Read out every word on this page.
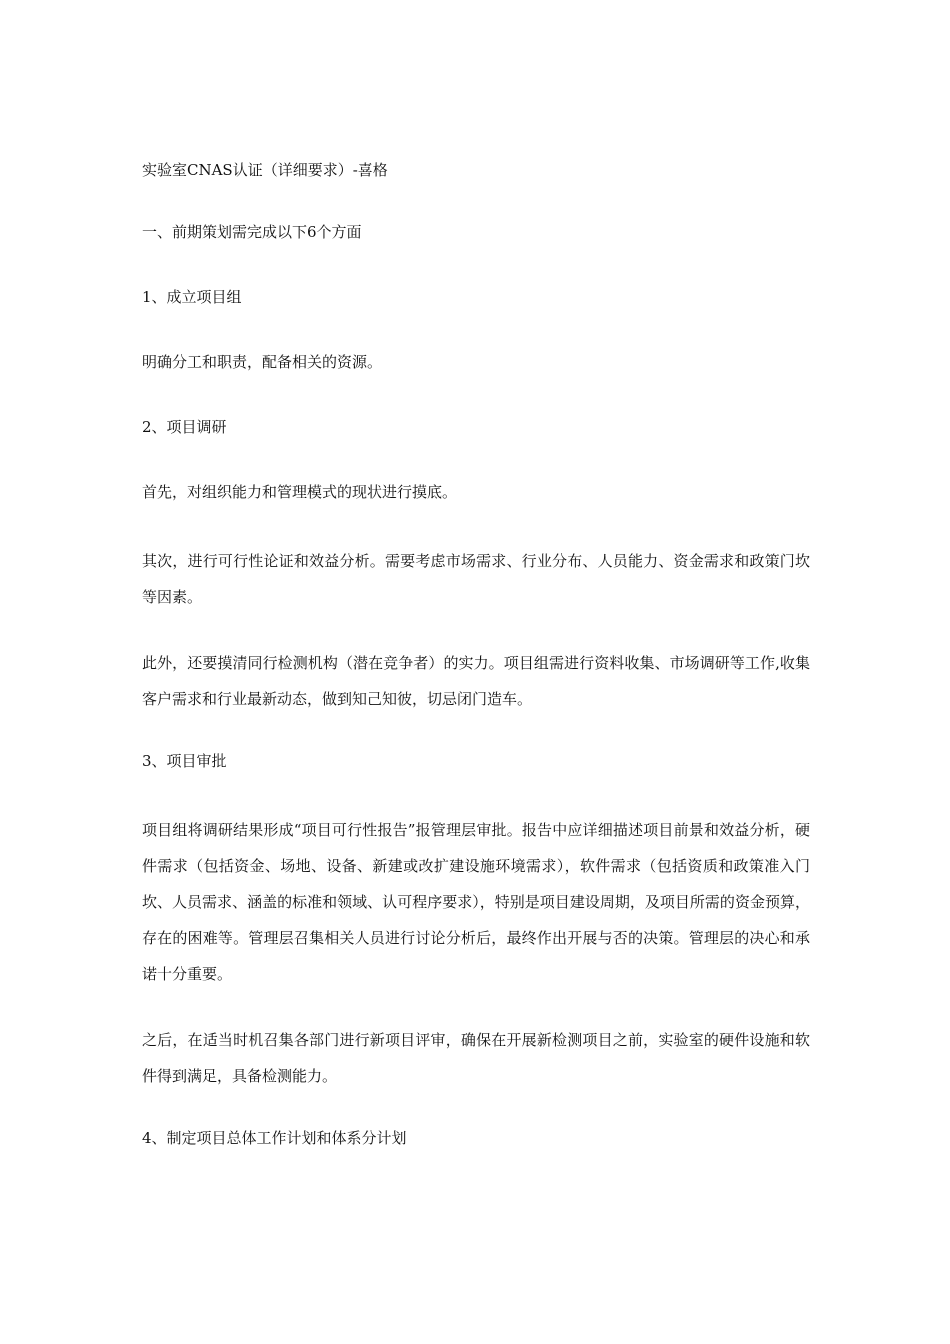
实验室CNAS认证（详细要求）-喜格

一、前期策划需完成以下6个方面

1、成立项目组

明确分工和职责，配备相关的资源。

2、项目调研

首先，对组织能力和管理模式的现状进行摸底。

其次，进行可行性论证和效益分析。需要考虑市场需求、行业分布、人员能力、资金需求和政策门坎等因素。

此外，还要摸清同行检测机构（潜在竞争者）的实力。项目组需进行资料收集、市场调研等工作,收集客户需求和行业最新动态，做到知己知彼，切忌闭门造车。

3、项目审批

项目组将调研结果形成“项目可行性报告”报管理层审批。报告中应详细描述项目前景和效益分析，硬件需求（包括资金、场地、设备、新建或改扩建设施环境需求），软件需求（包括资质和政策准入门坎、人员需求、涵盖的标准和领域、认可程序要求），特别是项目建设周期，及项目所需的资金预算，存在的困难等。管理层召集相关人员进行讨论分析后，最终作出开展与否的决策。管理层的决心和承诺十分重要。

之后，在适当时机召集各部门进行新项目评审，确保在开展新检测项目之前，实验室的硬件设施和软件得到满足，具备检测能力。

4、制定项目总体工作计划和体系分计划
